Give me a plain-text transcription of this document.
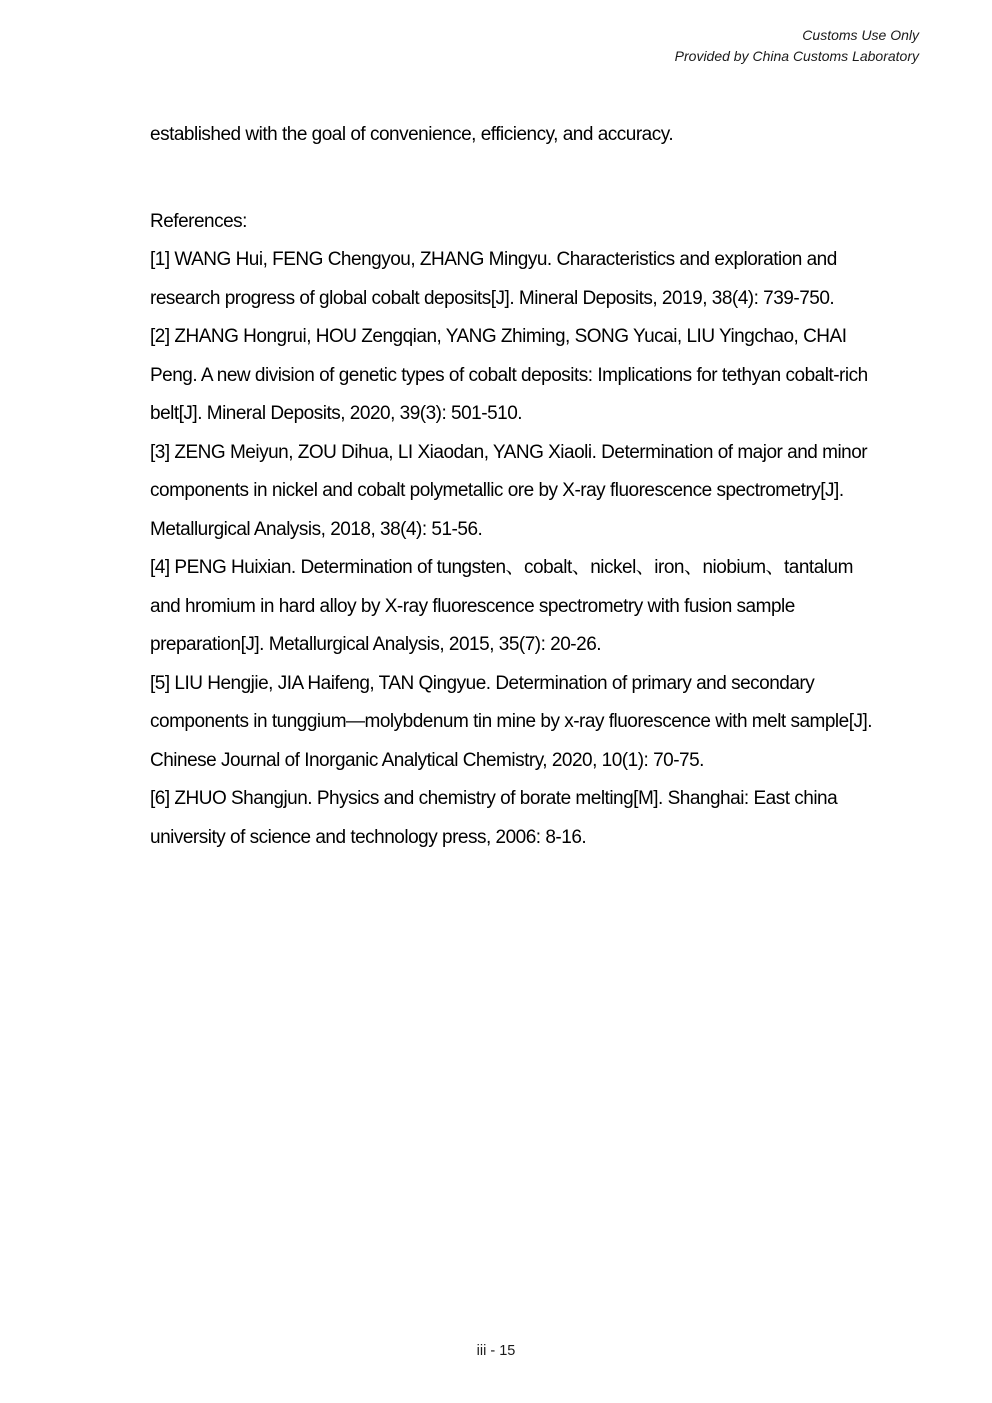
Customs Use Only
Provided by China Customs Laboratory

established with the goal of convenience, efficiency, and accuracy.

References:

[1] WANG Hui, FENG Chengyou, ZHANG Mingyu. Characteristics and exploration and research progress of global cobalt deposits[J]. Mineral Deposits, 2019, 38(4): 739-750.

[2] ZHANG Hongrui, HOU Zengqian, YANG Zhiming, SONG Yucai, LIU Yingchao, CHAI Peng. A new division of genetic types of cobalt deposits: Implications for tethyan cobalt-rich belt[J]. Mineral Deposits, 2020, 39(3): 501-510.

[3] ZENG Meiyun, ZOU Dihua, LI Xiaodan, YANG Xiaoli. Determination of major and minor components in nickel and cobalt polymetallic ore by X-ray fluorescence spectrometry[J]. Metallurgical Analysis, 2018, 38(4): 51-56.

[4] PENG Huixian. Determination of tungsten、cobalt、nickel、iron、niobium、tantalum and hromium in hard alloy by X-ray fluorescence spectrometry with fusion sample preparation[J]. Metallurgical Analysis, 2015, 35(7): 20-26.

[5] LIU Hengjie, JIA Haifeng, TAN Qingyue. Determination of primary and secondary components in tunggium—molybdenum tin mine by x-ray fluorescence with melt sample[J]. Chinese Journal of Inorganic Analytical Chemistry, 2020, 10(1): 70-75.

[6] ZHUO Shangjun. Physics and chemistry of borate melting[M]. Shanghai: East china university of science and technology press, 2006: 8-16.

iii - 15
